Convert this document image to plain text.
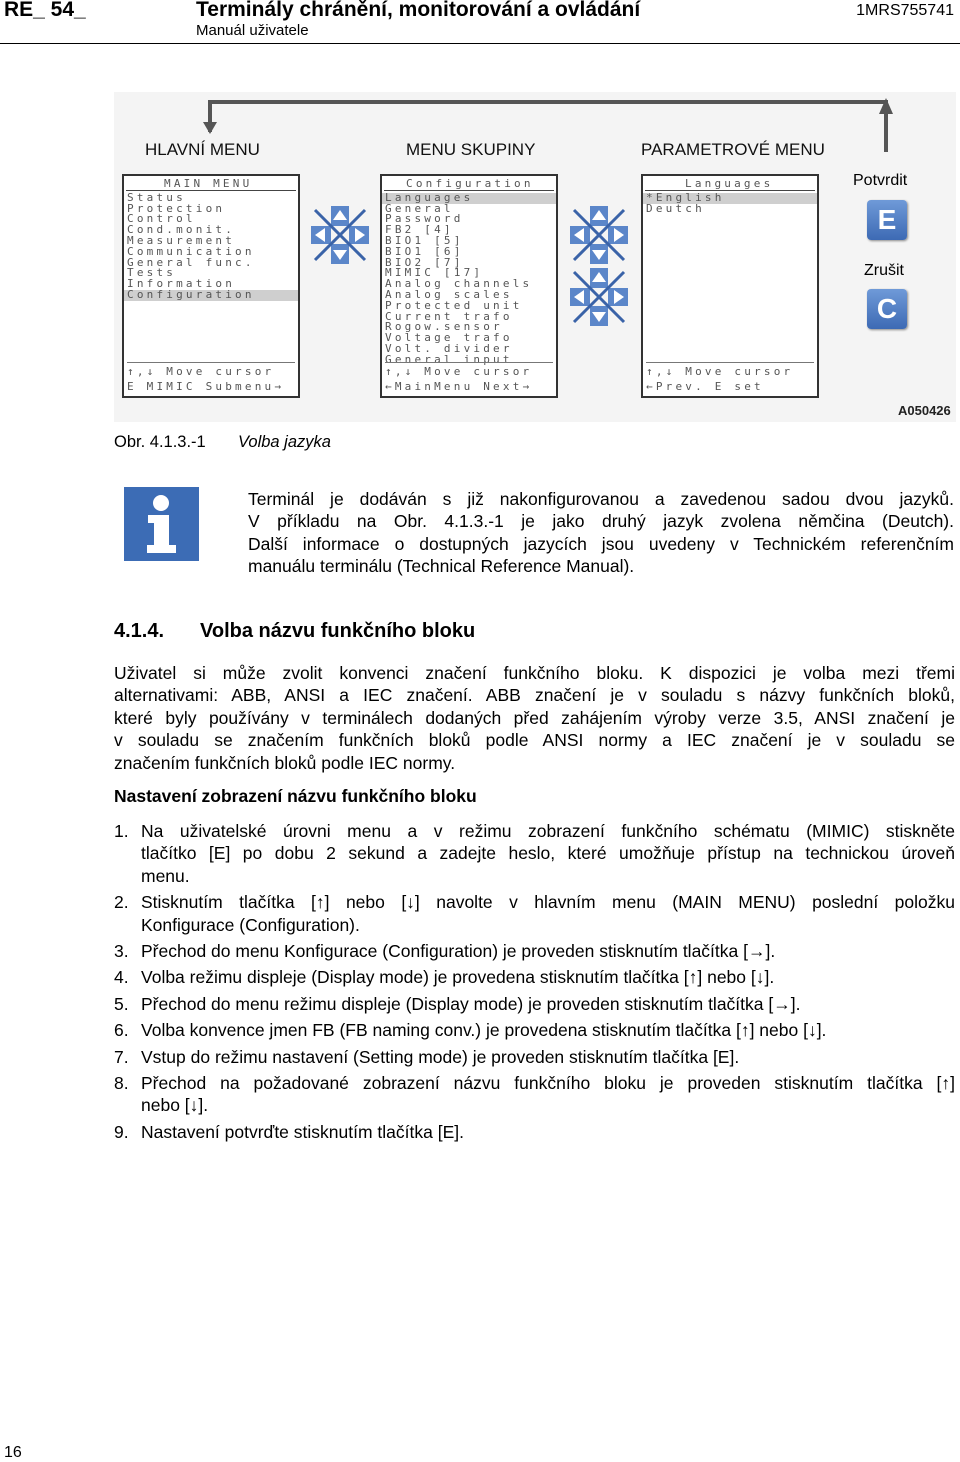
RE_ 54_	Terminály chránění, monitorování a ovládání
Manuál uživatele
1MRS755741
HLAVNÍ MENU	MENU SKUPINY	PARAMETROVÉ MENU
MAIN MENU
Status
Protection
Control
Cond.monit.
Measurement
Communication
General func.
Tests
Information
Configuration
↑,↓ Move cursor
E MIMIC Submenu→
Configuration
Languages
General
Password
FB2 [4]
BIO1 [5]
BIO1 [6]
BIO2 [7]
MIMIC [17]
Analog channels
Analog scales
Protected unit
Current trafo
Rogow.sensor
Voltage trafo
Volt. divider
General input
↑,↓ Move cursor
←MainMenu Next→
Languages
*English
Deutch
↑,↓ Move cursor
←Prev. E set
Potvrdit
E
Zrušit
C
A050426
Obr. 4.1.3.-1 Volba jazyka
Terminál je dodáván s již nakonfigurovanou a zavedenou sadou dvou jazyků.
V příkladu na Obr. 4.1.3.-1 je jako druhý jazyk zvolena němčina (Deutch).
Další informace o dostupných jazycích jsou uvedeny v Technickém referenčním
manuálu terminálu (Technical Reference Manual).
4.1.4. Volba názvu funkčního bloku
Uživatel si může zvolit konvenci značení funkčního bloku. K dispozici je volba mezi třemi
alternativami: ABB, ANSI a IEC značení. ABB značení je v souladu s názvy funkčních bloků,
které byly používány v terminálech dodaných před zahájením výroby verze 3.5, ANSI značení je
v souladu se značením funkčních bloků podle ANSI normy a IEC značení je v souladu se
značením funkčních bloků podle IEC normy.
Nastavení zobrazení názvu funkčního bloku
1. Na uživatelské úrovni menu a v režimu zobrazení funkčního schématu (MIMIC) stiskněte
tlačítko [E] po dobu 2 sekund a zadejte heslo, které umožňuje přístup na technickou úroveň
menu.
2. Stisknutím tlačítka [↑] nebo [↓] navolte v hlavním menu (MAIN MENU) poslední položku
Konfigurace (Configuration).
3. Přechod do menu Konfigurace (Configuration) je proveden stisknutím tlačítka [→].
4. Volba režimu displeje (Display mode) je provedena stisknutím tlačítka [↑] nebo [↓].
5. Přechod do menu režimu displeje (Display mode) je proveden stisknutím tlačítka [→].
6. Volba konvence jmen FB (FB naming conv.) je provedena stisknutím tlačítka [↑] nebo [↓].
7. Vstup do režimu nastavení (Setting mode) je proveden stisknutím tlačítka [E].
8. Přechod na požadované zobrazení názvu funkčního bloku je proveden stisknutím tlačítka [↑]
nebo [↓].
9. Nastavení potvrďte stisknutím tlačítka [E].
16
